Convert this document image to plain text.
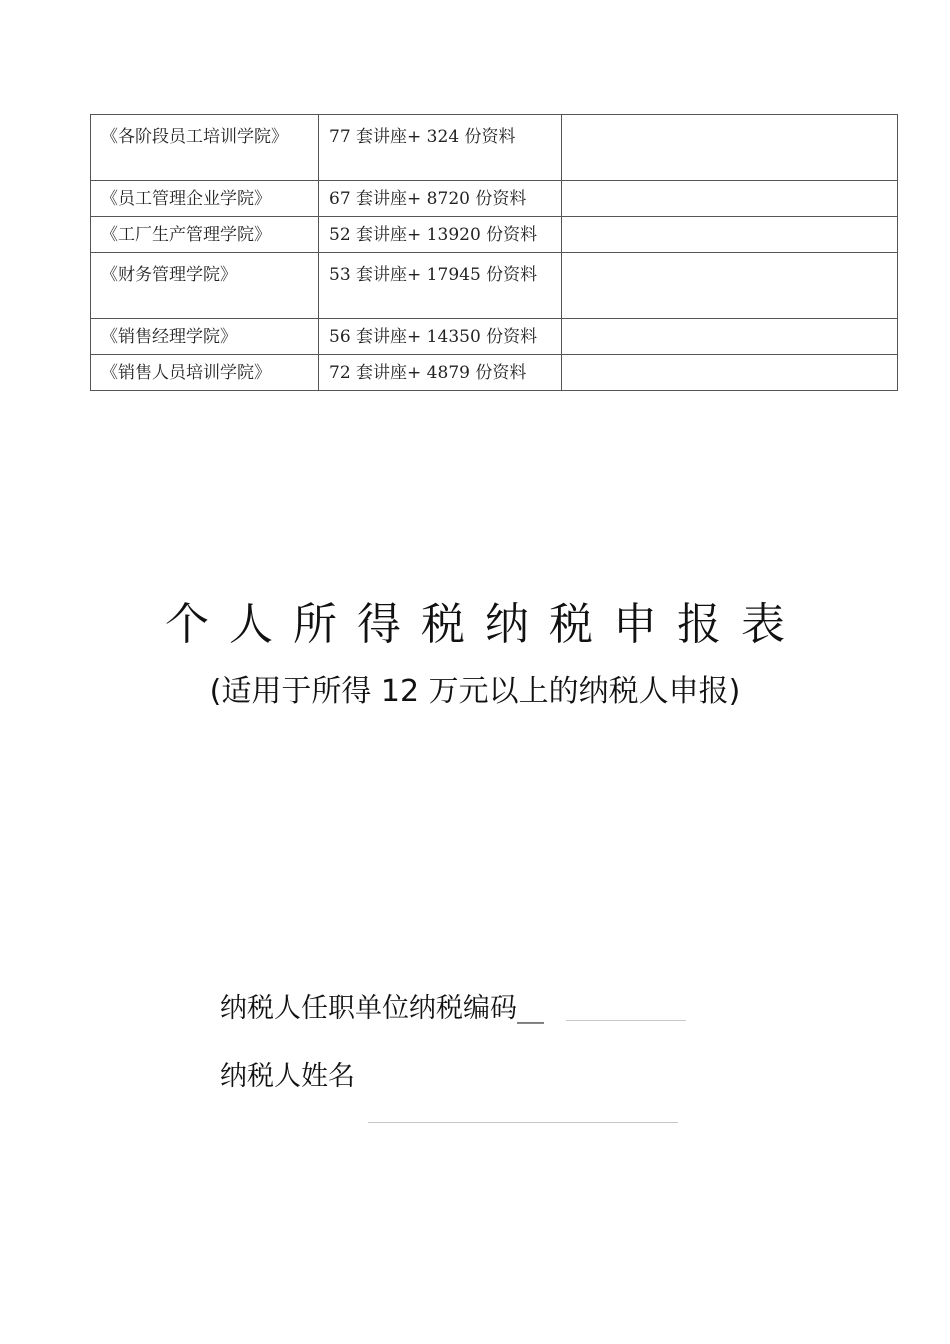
《各阶段员工培训学院》	77 套讲座+ 324 份资料	
《员工管理企业学院》	67 套讲座+ 8720 份资料	
《工厂生产管理学院》	52 套讲座+ 13920 份资料	
《财务管理学院》	53 套讲座+ 17945 份资料	
《销售经理学院》	56 套讲座+ 14350 份资料	
《销售人员培训学院》	72 套讲座+ 4879 份资料	
个人所得税纳税申报表
(适用于所得 12 万元以上的纳税人申报)
纳税人任职单位纳税编码__
纳税人姓名
